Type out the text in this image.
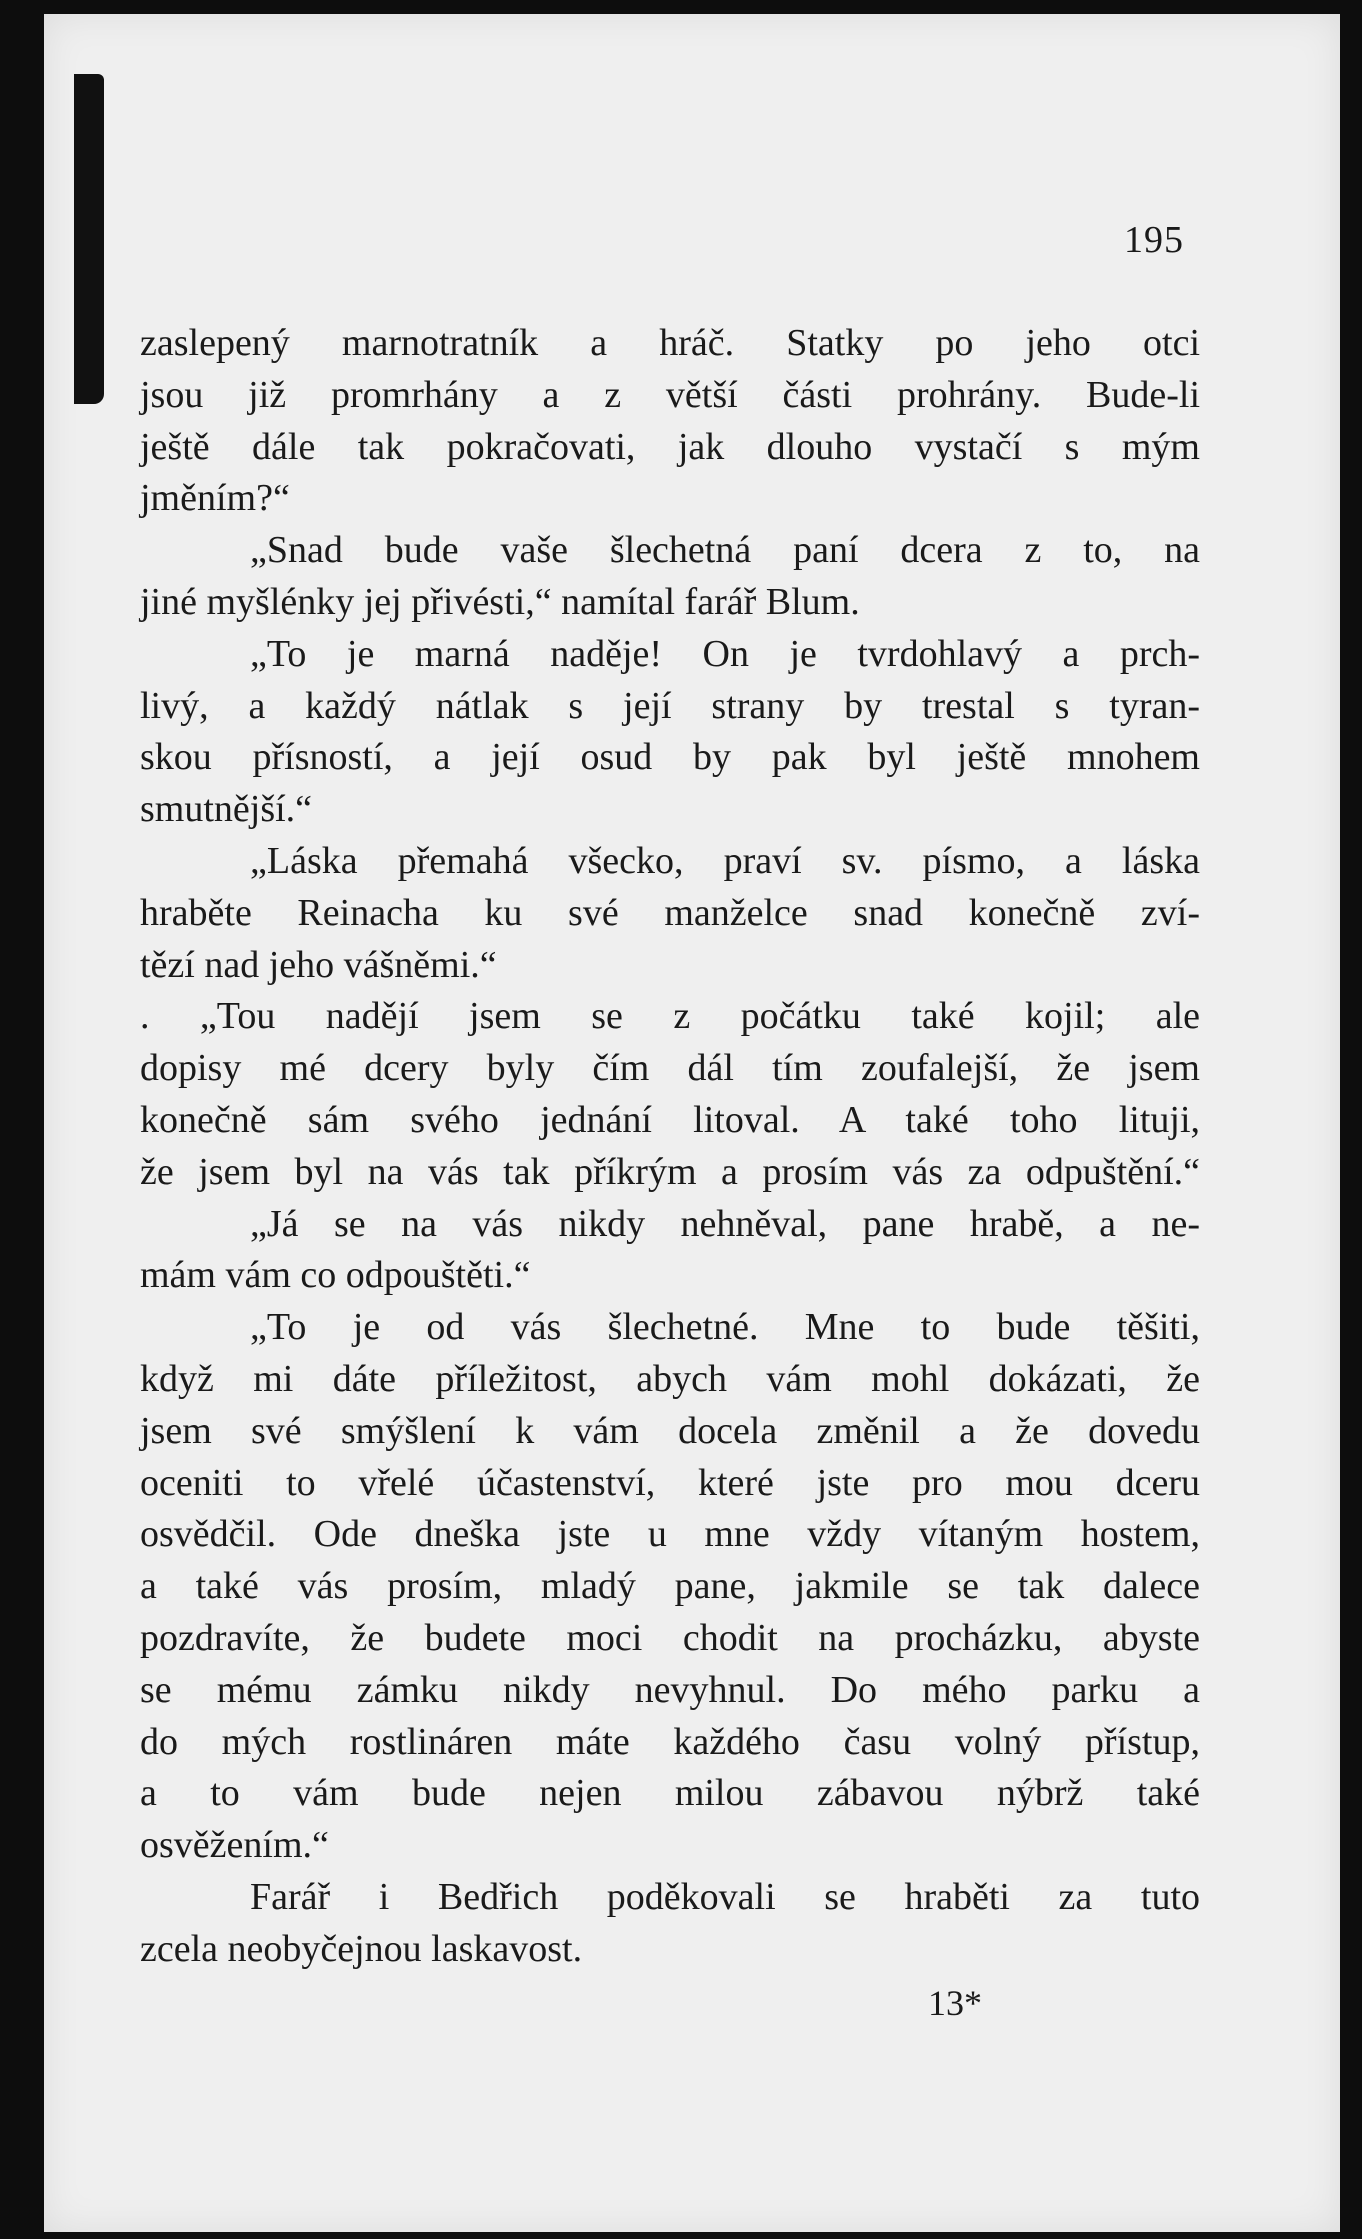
195
zaslepený marnotratník a hráč. Statky po jeho otci
jsou již promrhány a z větší části prohrány. Bude-li
ještě dále tak pokračovati, jak dlouho vystačí s mým
jměním?“
„Snad bude vaše šlechetná paní dcera z to, na
jiné myšlénky jej přivésti,“ namítal farář Blum.
„To je marná naděje! On je tvrdohlavý a prch-
livý, a každý nátlak s její strany by trestal s tyran-
skou přísností, a její osud by pak byl ještě mnohem
smutnější.“
„Láska přemahá všecko, praví sv. písmo, a láska
hraběte Reinacha ku své manželce snad konečně zví-
tězí nad jeho vášněmi.“
. „Tou nadějí jsem se z počátku také kojil; ale
dopisy mé dcery byly čím dál tím zoufalejší, že jsem
konečně sám svého jednání litoval. A také toho lituji,
že jsem byl na vás tak příkrým a prosím vás za odpuštění.“
„Já se na vás nikdy nehněval, pane hrabě, a ne-
mám vám co odpouštěti.“
„To je od vás šlechetné. Mne to bude těšiti,
když mi dáte příležitost, abych vám mohl dokázati, že
jsem své smýšlení k vám docela změnil a že dovedu
oceniti to vřelé účastenství, které jste pro mou dceru
osvědčil. Ode dneška jste u mne vždy vítaným hostem,
a také vás prosím, mladý pane, jakmile se tak dalece
pozdravíte, že budete moci chodit na procházku, abyste
se mému zámku nikdy nevyhnul. Do mého parku a
do mých rostlináren máte každého času volný přístup,
a to vám bude nejen milou zábavou nýbrž také
osvěžením.“
Farář i Bedřich poděkovali se hraběti za tuto
zcela neobyčejnou laskavost.
13*
